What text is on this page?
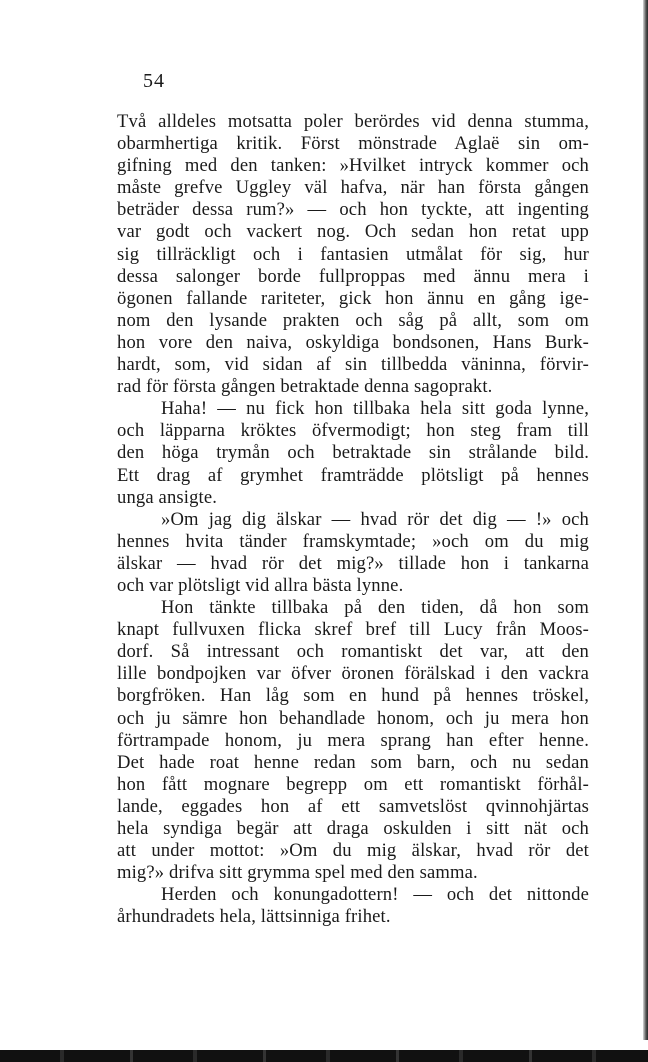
54

Två alldeles motsatta poler berördes vid denna stumma,

obarmhertiga kritik. Först mönstrade Aglaë sin om-

gifning med den tanken: »Hvilket intryck kommer och

måste grefve Uggley väl hafva, när han första gången

beträder dessa rum?» — och hon tyckte, att ingenting

var godt och vackert nog. Och sedan hon retat upp

sig tillräckligt och i fantasien utmålat för sig, hur

dessa salonger borde fullproppas med ännu mera i

ögonen fallande rariteter, gick hon ännu en gång ige-

nom den lysande prakten och såg på allt, som om

hon vore den naiva, oskyldiga bondsonen, Hans Burk-

hardt, som, vid sidan af sin tillbedda väninna, förvir-

rad för första gången betraktade denna sagoprakt.

Haha! — nu fick hon tillbaka hela sitt goda lynne,

och läpparna kröktes öfvermodigt; hon steg fram till

den höga trymån och betraktade sin strålande bild.

Ett drag af grymhet framträdde plötsligt på hennes

unga ansigte.

»Om jag dig älskar — hvad rör det dig — !» och

hennes hvita tänder framskymtade; »och om du mig

älskar — hvad rör det mig?» tillade hon i tankarna

och var plötsligt vid allra bästa lynne.

Hon tänkte tillbaka på den tiden, då hon som

knapt fullvuxen flicka skref bref till Lucy från Moos-

dorf. Så intressant och romantiskt det var, att den

lille bondpojken var öfver öronen förälskad i den vackra

borgfröken. Han låg som en hund på hennes tröskel,

och ju sämre hon behandlade honom, och ju mera hon

förtrampade honom, ju mera sprang han efter henne.

Det hade roat henne redan som barn, och nu sedan

hon fått mognare begrepp om ett romantiskt förhål-

lande, eggades hon af ett samvetslöst qvinnohjärtas

hela syndiga begär att draga oskulden i sitt nät och

att under mottot: »Om du mig älskar, hvad rör det

mig?» drifva sitt grymma spel med den samma.

Herden och konungadottern! — och det nittonde

århundradets hela, lättsinniga frihet.
